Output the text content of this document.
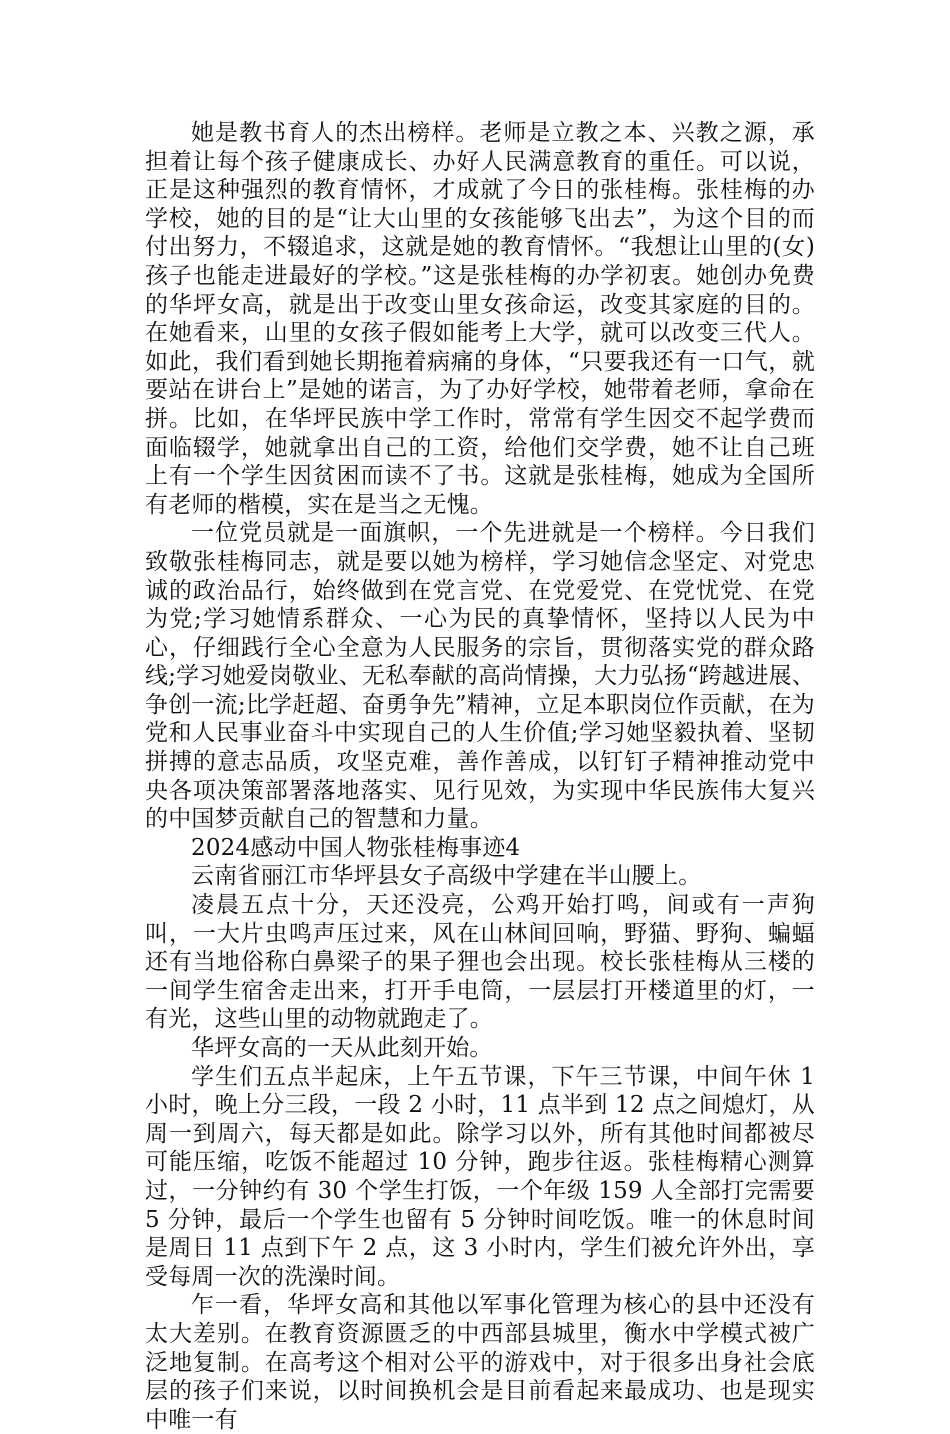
她是教书育人的杰出榜样。老师是立教之本、兴教之源，承担着让每个孩子健康成长、办好人民满意教育的重任。可以说，正是这种强烈的教育情怀，才成就了今日的张桂梅。张桂梅的办学校，她的目的是“让大山里的女孩能够飞出去”，为这个目的而付出努力，不辍追求，这就是她的教育情怀。“我想让山里的(女)孩子也能走进最好的学校。”这是张桂梅的办学初衷。她创办免费的华坪女高，就是出于改变山里女孩命运，改变其家庭的目的。在她看来，山里的女孩子假如能考上大学，就可以改变三代人。如此，我们看到她长期拖着病痛的身体，“只要我还有一口气，就要站在讲台上”是她的诺言，为了办好学校，她带着老师，拿命在拼。比如，在华坪民族中学工作时，常常有学生因交不起学费而面临辍学，她就拿出自己的工资，给他们交学费，她不让自己班上有一个学生因贫困而读不了书。这就是张桂梅，她成为全国所有老师的楷模，实在是当之无愧。

一位党员就是一面旗帜，一个先进就是一个榜样。今日我们致敬张桂梅同志，就是要以她为榜样，学习她信念坚定、对党忠诚的政治品行，始终做到在党言党、在党爱党、在党忧党、在党为党;学习她情系群众、一心为民的真挚情怀，坚持以人民为中心，仔细践行全心全意为人民服务的宗旨，贯彻落实党的群众路线;学习她爱岗敬业、无私奉献的高尚情操，大力弘扬“跨越进展、争创一流;比学赶超、奋勇争先”精神，立足本职岗位作贡献，在为党和人民事业奋斗中实现自己的人生价值;学习她坚毅执着、坚韧拼搏的意志品质，攻坚克难，善作善成，以钉钉子精神推动党中央各项决策部署落地落实、见行见效，为实现中华民族伟大复兴的中国梦贡献自己的智慧和力量。

2024感动中国人物张桂梅事迹4

云南省丽江市华坪县女子高级中学建在半山腰上。

凌晨五点十分，天还没亮，公鸡开始打鸣，间或有一声狗叫，一大片虫鸣声压过来，风在山林间回响，野猫、野狗、蝙蝠还有当地俗称白鼻梁子的果子狸也会出现。校长张桂梅从三楼的一间学生宿舍走出来，打开手电筒，一层层打开楼道里的灯，一有光，这些山里的动物就跑走了。

华坪女高的一天从此刻开始。

学生们五点半起床，上午五节课，下午三节课，中间午休 1 小时，晚上分三段，一段 2 小时，11 点半到 12 点之间熄灯，从周一到周六，每天都是如此。除学习以外，所有其他时间都被尽可能压缩，吃饭不能超过 10 分钟，跑步往返。张桂梅精心测算过，一分钟约有 30 个学生打饭，一个年级 159 人全部打完需要 5 分钟，最后一个学生也留有 5 分钟时间吃饭。唯一的休息时间是周日 11 点到下午 2 点，这 3 小时内，学生们被允许外出，享受每周一次的洗澡时间。

乍一看，华坪女高和其他以军事化管理为核心的县中还没有太大差别。在教育资源匮乏的中西部县城里，衡水中学模式被广泛地复制。在高考这个相对公平的游戏中，对于很多出身社会底层的孩子们来说，以时间换机会是目前看起来最成功、也是现实中唯一有
